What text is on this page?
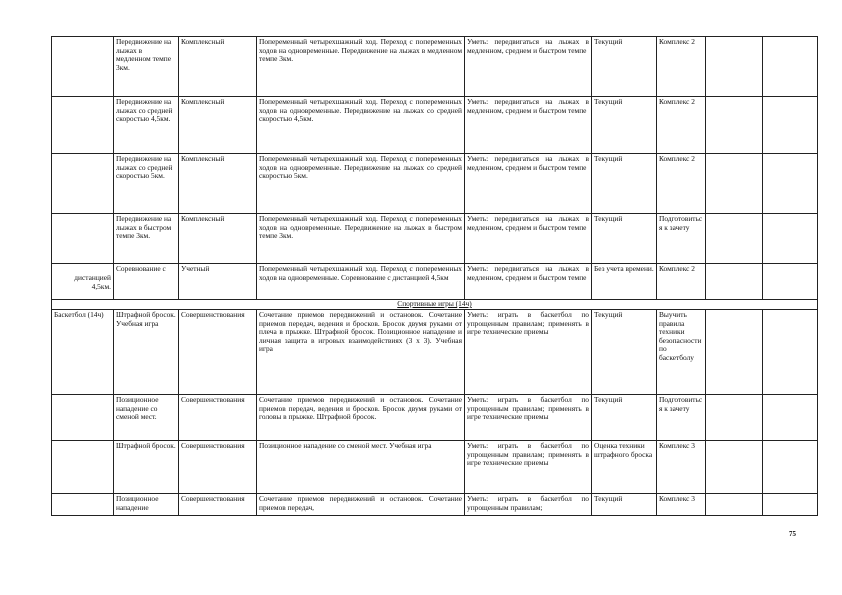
	Передвижение на лыжах в медленном темпе 3км.	Комплексный	Попеременный четырехшажный ход. Переход с попеременных ходов на одновременные. Передвижение на лыжах в медленном темпе 3км.	Уметь: передвигаться на лыжах в медленном, среднем и быстром темпе	Текущий	Комплекс 2		
	Передвижение на лыжах со средней скоростью 4,5км.	Комплексный	Попеременный четырехшажный ход. Переход с попеременных ходов на одновременные. Передвижение на лыжах со средней скоростью 4,5км.	Уметь: передвигаться на лыжах в медленном, среднем и быстром темпе	Текущий	Комплекс 2		
	Передвижение на лыжах со средней скоростью 5км.	Комплексный	Попеременный четырехшажный ход. Переход с попеременных ходов на одновременные. Передвижение на лыжах со средней скоростью 5км.	Уметь: передвигаться на лыжах в медленном, среднем и быстром темпе	Текущий	Комплекс 2		
	Передвижение на лыжах в быстром темпе 3км.	Комплексный	Попеременный четырехшажный ход. Переход с попеременных ходов на одновременные. Передвижение на лыжах в быстром темпе 3км.	Уметь: передвигаться на лыжах в медленном, среднем и быстром темпе	Текущий	Подготовиться к зачету		
дистанцией 4,5км.	Соревнование с	Учетный	Попеременный четырехшажный ход. Переход с попеременных ходов на одновременные. Соревнование с дистанцией 4,5км	Уметь: передвигаться на лыжах в медленном, среднем и быстром темпе	Без учета времени.	Комплекс 2		
Спортивные игры (14ч)								
Баскетбол (14ч)	Штрафной бросок. Учебная игра	Совершенствования	Сочетание приемов передвижений и остановок. Сочетание приемов передач, ведения и бросков. Бросок двумя руками от плеча в прыжке. Штрафной бросок. Позиционное нападение и личная защита в игровых взаимодействиях (3 х 3). Учебная игра	Уметь: играть в баскетбол по упрощенным правилам; применять в игре технические приемы	Текущий	Выучить правила техники безопасности по баскетболу		
	Позиционное нападение со сменой мест.	Совершенствования	Сочетание приемов передвижений и остановок. Сочетание приемов передач, ведения и бросков. Бросок двумя руками от головы в прыжке. Штрафной бросок.	Уметь: играть в баскетбол по упрощенным правилам; применять в игре технические приемы	Текущий	Подготовиться к зачету		
	Штрафной бросок.	Совершенствования	Позиционное нападение со сменой мест. Учебная игра	Уметь: играть в баскетбол по упрощенным правилам; применять в игре технические приемы	Оценка техники штрафного броска	Комплекс 3		
	Позиционное нападение	Совершенствования	Сочетание приемов передвижений и остановок. Сочетание приемов передач,	Уметь: играть в баскетбол по упрощенным правилам;	Текущий	Комплекс 3		
75
